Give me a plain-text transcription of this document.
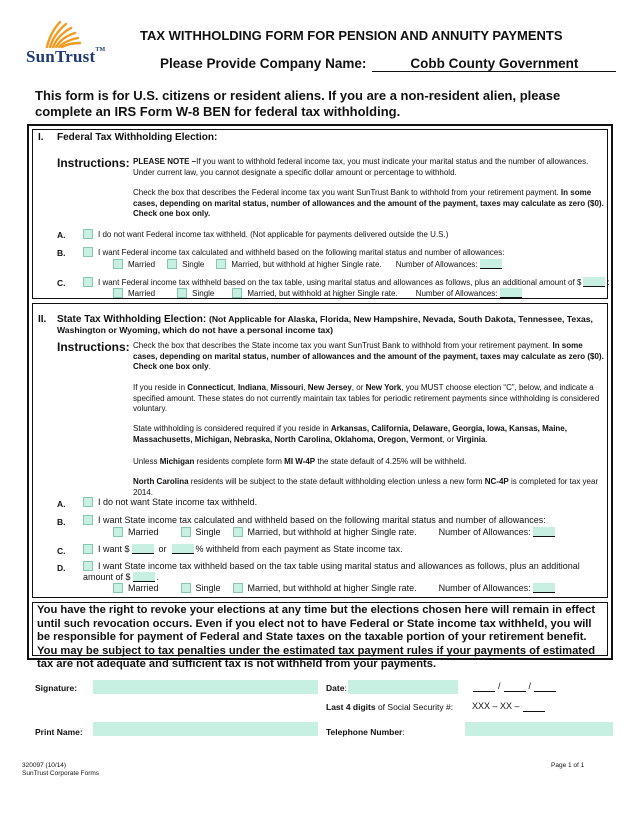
SunTrust™
TAX WITHHOLDING FORM FOR PENSION AND ANNUITY PAYMENTS
Please Provide Company Name:	Cobb County Government
This form is for U.S. citizens or resident aliens. If you are a non-resident alien, please complete an IRS Form W-8 BEN for federal tax withholding.
I. Federal Tax Withholding Election:
Instructions: PLEASE NOTE –If you want to withhold federal income tax, you must indicate your marital status and the number of allowances. Under current law, you cannot designate a specific dollar amount or percentage to withhold.
Check the box that describes the Federal income tax you want SunTrust Bank to withhold from your retirement payment. In some cases, depending on marital status, number of allowances and the amount of the payment, taxes may calculate as zero ($0). Check one box only.
A.	I do not want Federal income tax withheld. (Not applicable for payments delivered outside the U.S.)
B.	I want Federal income tax calculated and withheld based on the following marital status and number of allowances:
Married	Single	Married, but withhold at higher Single rate. Number of Allowances:
C.	I want Federal income tax withheld based on the tax table, using marital status and allowances as follows, plus an additional amount of $	:
Married	Single	Married, but withhold at higher Single rate. Number of Allowances:
II. State Tax Withholding Election: (Not Applicable for Alaska, Florida, New Hampshire, Nevada, South Dakota, Tennessee, Texas, Washington or Wyoming, which do not have a personal income tax)
Instructions: Check the box that describes the State income tax you want SunTrust Bank to withhold from your retirement payment. In some cases, depending on marital status, number of allowances and the amount of the payment, taxes may calculate as zero ($0). Check one box only.
If you reside in Connecticut, Indiana, Missouri, New Jersey, or New York, you MUST choose election “C”, below, and indicate a specified amount. These states do not currently maintain tax tables for periodic retirement payments since withholding is considered voluntary.
State withholding is considered required if you reside in Arkansas, California, Delaware, Georgia, Iowa, Kansas, Maine, Massachusetts, Michigan, Nebraska, North Carolina, Oklahoma, Oregon, Vermont, or Virginia.
Unless Michigan residents complete form MI W-4P the state default of 4.25% will be withheld.
North Carolina residents will be subject to the state default withholding election unless a new form NC-4P is completed for tax year 2014.
A.	I do not want State income tax withheld.
B.	I want State income tax calculated and withheld based on the following marital status and number of allowances:
Married	Single	Married, but withhold at higher Single rate. Number of Allowances:
C.	I want $	or	% withheld from each payment as State income tax.
D.	I want State income tax withheld based on the tax table using marital status and allowances as follows, plus an additional
amount of $	.
Married	Single	Married, but withhold at higher Single rate. Number of Allowances:
You have the right to revoke your elections at any time but the elections chosen here will remain in effect until such revocation occurs. Even if you elect not to have Federal or State income tax withheld, you will be responsible for payment of Federal and State taxes on the taxable portion of your retirement benefit. You may be subject to tax penalties under the estimated tax payment rules if your payments of estimated tax are not adequate and sufficient tax is not withheld from your payments.
Signature:	Date:	/	/
Last 4 digits of Social Security #: XXX – XX –
Print Name:	Telephone Number:
320097 (10/14)
SunTrust Corporate Forms
Page 1 of 1
